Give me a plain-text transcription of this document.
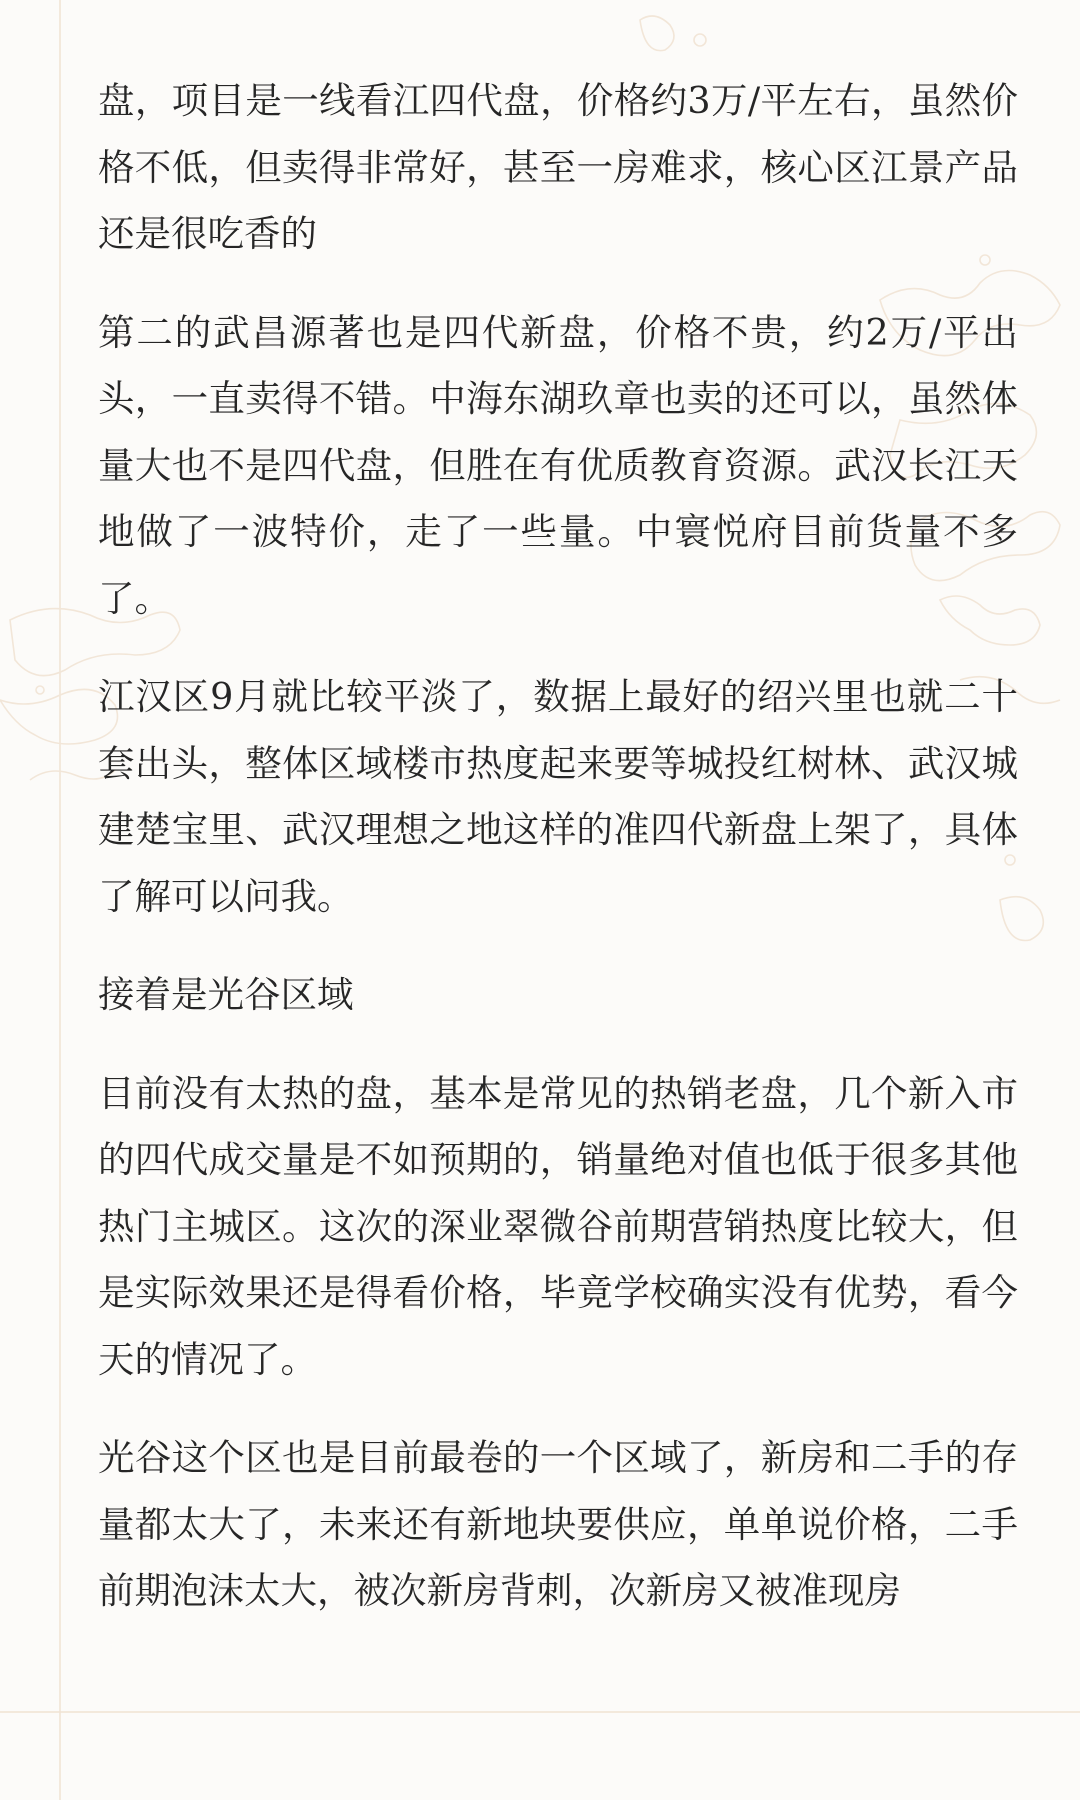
盘，项目是一线看江四代盘，价格约3万/平左右，虽然价格不低，但卖得非常好，甚至一房难求，核心区江景产品还是很吃香的

第二的武昌源著也是四代新盘，价格不贵，约2万/平出头，一直卖得不错。中海东湖玖章也卖的还可以，虽然体量大也不是四代盘，但胜在有优质教育资源。武汉长江天地做了一波特价，走了一些量。中寰悦府目前货量不多了。

江汉区9月就比较平淡了，数据上最好的绍兴里也就二十套出头，整体区域楼市热度起来要等城投红树林、武汉城建楚宝里、武汉理想之地这样的准四代新盘上架了，具体了解可以问我。

接着是光谷区域

目前没有太热的盘，基本是常见的热销老盘，几个新入市的四代成交量是不如预期的，销量绝对值也低于很多其他热门主城区。这次的深业翠微谷前期营销热度比较大，但是实际效果还是得看价格，毕竟学校确实没有优势，看今天的情况了。

光谷这个区也是目前最卷的一个区域了，新房和二手的存量都太大了，未来还有新地块要供应，单单说价格，二手前期泡沫太大，被次新房背刺，次新房又被准现房
